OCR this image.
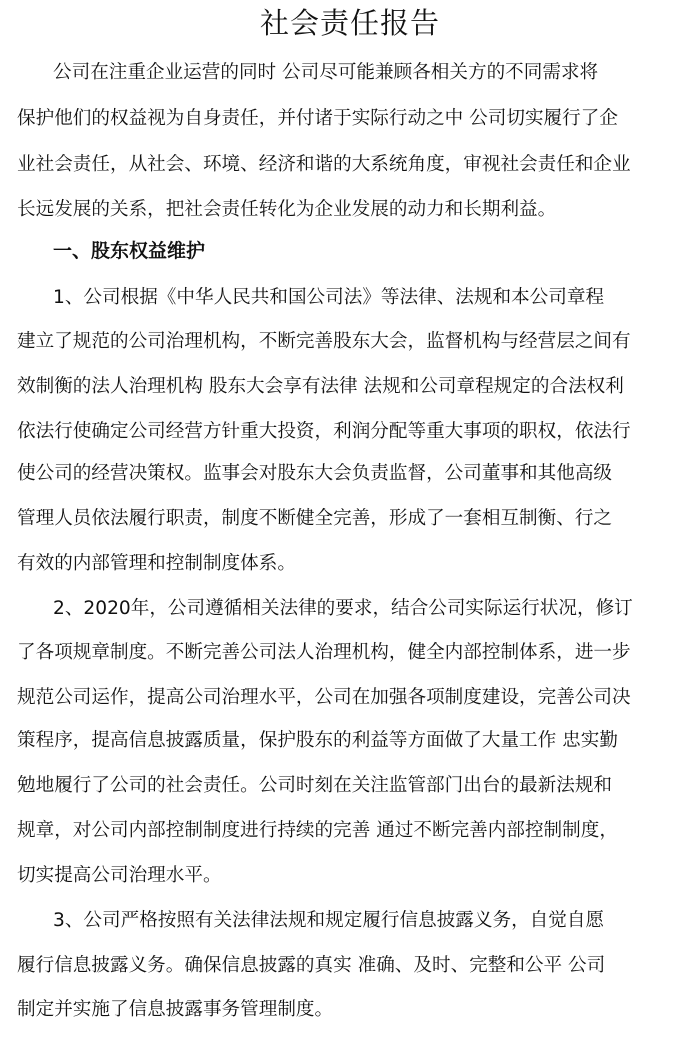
社会责任报告
公司在注重企业运营的同时 公司尽可能兼顾各相关方的不同需求将
保护他们的权益视为自身责任，并付诸于实际行动之中 公司切实履行了企
业社会责任，从社会、环境、经济和谐的大系统角度，审视社会责任和企业
长远发展的关系，把社会责任转化为企业发展的动力和长期利益。
一、股东权益维护
1、公司根据《中华人民共和国公司法》等法律、法规和本公司章程
建立了规范的公司治理机构，不断完善股东大会，监督机构与经营层之间有
效制衡的法人治理机构 股东大会享有法律 法规和公司章程规定的合法权利
依法行使确定公司经营方针重大投资，利润分配等重大事项的职权，依法行
使公司的经营决策权。监事会对股东大会负责监督，公司董事和其他高级
管理人员依法履行职责，制度不断健全完善，形成了一套相互制衡、行之
有效的内部管理和控制制度体系。
2、2020年，公司遵循相关法律的要求，结合公司实际运行状况，修订
了各项规章制度。不断完善公司法人治理机构，健全内部控制体系，进一步
规范公司运作，提高公司治理水平，公司在加强各项制度建设，完善公司决
策程序，提高信息披露质量，保护股东的利益等方面做了大量工作 忠实勤
勉地履行了公司的社会责任。公司时刻在关注监管部门出台的最新法规和
规章，对公司内部控制制度进行持续的完善 通过不断完善内部控制制度，
切实提高公司治理水平。
3、公司严格按照有关法律法规和规定履行信息披露义务，自觉自愿
履行信息披露义务。确保信息披露的真实 准确、及时、完整和公平 公司
制定并实施了信息披露事务管理制度。
